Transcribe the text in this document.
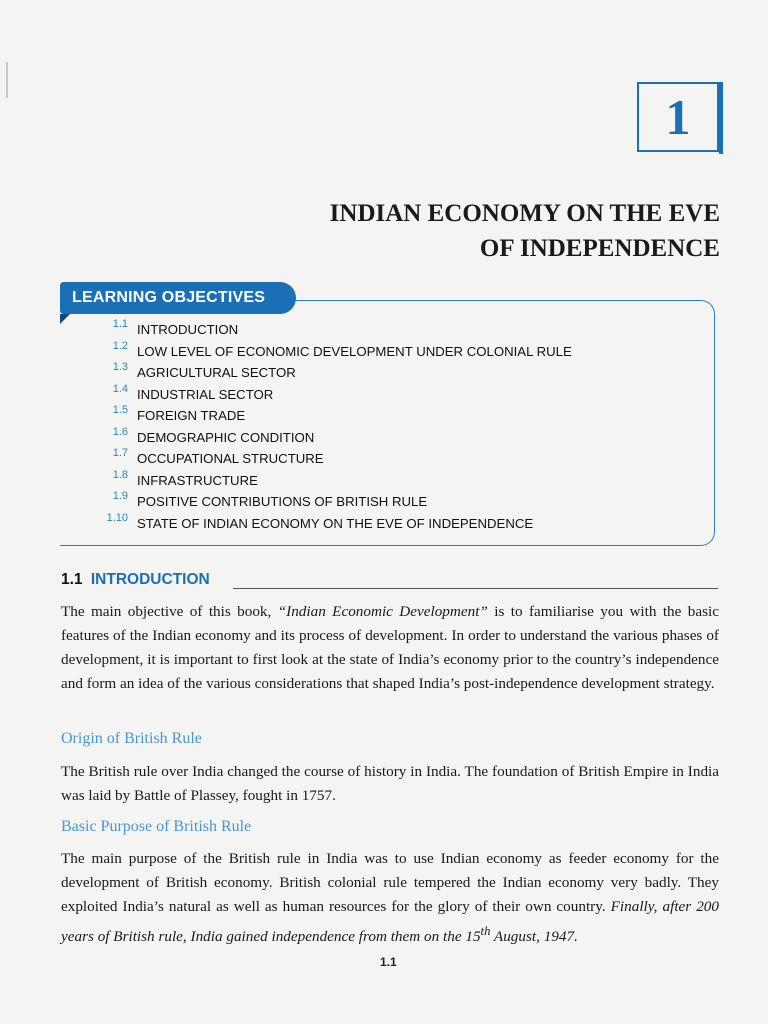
1
INDIAN ECONOMY ON THE EVE
OF INDEPENDENCE
LEARNING OBJECTIVES
1.1 INTRODUCTION
1.2 LOW LEVEL OF ECONOMIC DEVELOPMENT UNDER COLONIAL RULE
1.3 AGRICULTURAL SECTOR
1.4 INDUSTRIAL SECTOR
1.5 FOREIGN TRADE
1.6 DEMOGRAPHIC CONDITION
1.7 OCCUPATIONAL STRUCTURE
1.8 INFRASTRUCTURE
1.9 POSITIVE CONTRIBUTIONS OF BRITISH RULE
1.10 STATE OF INDIAN ECONOMY ON THE EVE OF INDEPENDENCE
1.1 INTRODUCTION

The main objective of this book, “Indian Economic Development” is to familiarise you with the basic features of the Indian economy and its process of development. In order to understand the various phases of development, it is important to first look at the state of India’s economy prior to the country’s independence and form an idea of the various considerations that shaped India’s post-independence development strategy.

Origin of British Rule

The British rule over India changed the course of history in India. The foundation of British Empire in India was laid by Battle of Plassey, fought in 1757.

Basic Purpose of British Rule

The main purpose of the British rule in India was to use Indian economy as feeder economy for the development of British economy. British colonial rule tempered the Indian economy very badly. They exploited India’s natural as well as human resources for the glory of their own country. Finally, after 200 years of British rule, India gained independence from them on the 15th August, 1947.

1.1
